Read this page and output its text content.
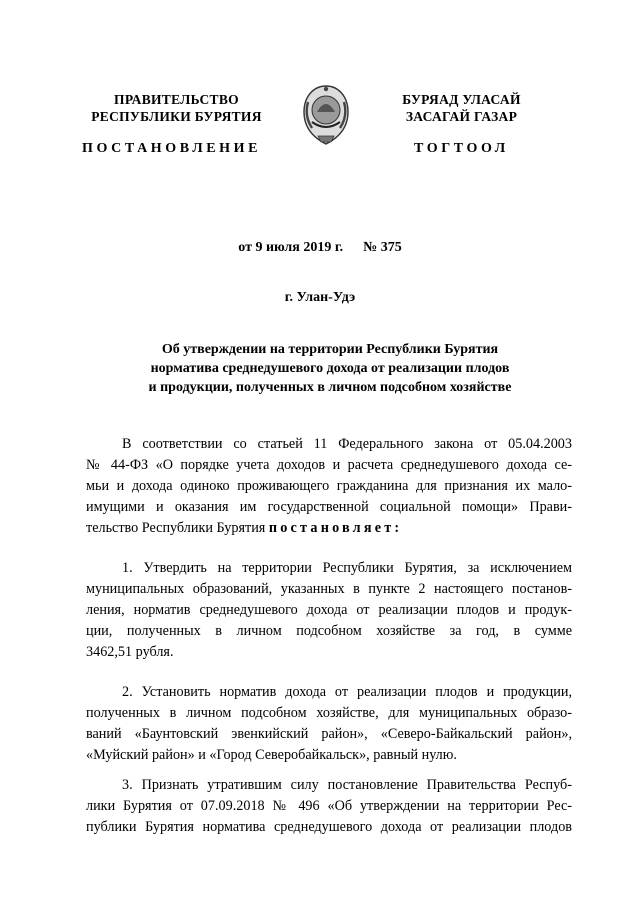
ПРАВИТЕЛЬСТВО
РЕСПУБЛИКИ БУРЯТИЯ
БУРЯАД УЛАСАЙ
ЗАСАГАЙ ГАЗАР
ПОСТАНОВЛЕНИЕ	ТОГТООЛ
от 9 июля 2019 г. № 375
г. Улан-Удэ
Об утверждении на территории Республики Бурятия
норматива среднедушевого дохода от реализации плодов
и продукции, полученных в личном подсобном хозяйстве
В соответствии со статьей 11 Федерального закона от 05.04.2003
№ 44-ФЗ «О порядке учета доходов и расчета среднедушевого дохода се-
мьи и дохода одиноко проживающего гражданина для признания их мало-
имущими и оказания им государственной социальной помощи» Прави-
тельство Республики Бурятия постановляет:
1. Утвердить на территории Республики Бурятия, за исключением
муниципальных образований, указанных в пункте 2 настоящего постанов-
ления, норматив среднедушевого дохода от реализации плодов и продук-
ции, полученных в личном подсобном хозяйстве за год, в сумме
3462,51 рубля.
2. Установить норматив дохода от реализации плодов и продукции,
полученных в личном подсобном хозяйстве, для муниципальных образо-
ваний «Баунтовский эвенкийский район», «Северо-Байкальский район»,
«Муйский район» и «Город Северобайкальск», равный нулю.
3. Признать утратившим силу постановление Правительства Респуб-
лики Бурятия от 07.09.2018 № 496 «Об утверждении на территории Рес-
публики Бурятия норматива среднедушевого дохода от реализации плодов
